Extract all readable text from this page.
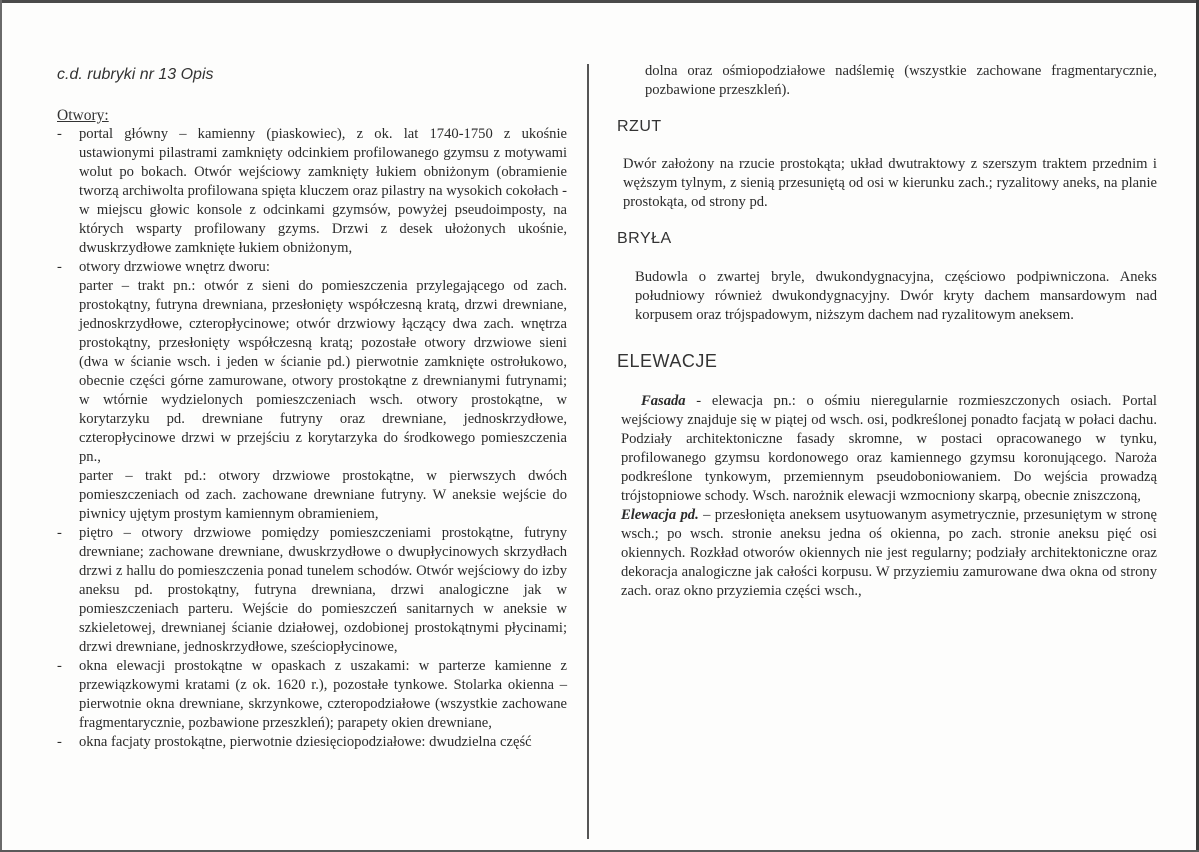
c.d. rubryki nr 13 Opis

Otwory:

- portal główny – kamienny (piaskowiec), z ok. lat 1740-1750 z ukośnie ustawionymi pilastrami zamknięty odcinkiem profilowanego gzymsu z motywami wolut po bokach. Otwór wejściowy zamknięty łukiem obniżonym (obramienie tworzą archiwolta profilowana spięta kluczem oraz pilastry na wysokich cokołach - w miejscu głowic konsole z odcinkami gzymsów, powyżej pseudoimposty, na których wsparty profilowany gzyms. Drzwi z desek ułożonych ukośnie, dwuskrzydłowe zamknięte łukiem obniżonym,
- otwory drzwiowe wnętrz dworu:
parter – trakt pn.: otwór z sieni do pomieszczenia przylegającego od zach. prostokątny, futryna drewniana, przesłonięty współczesną kratą, drzwi drewniane, jednoskrzydłowe, czteropłycinowe; otwór drzwiowy łączący dwa zach. wnętrza prostokątny, przesłonięty współczesną kratą; pozostałe otwory drzwiowe sieni (dwa w ścianie wsch. i jeden w ścianie pd.) pierwotnie zamknięte ostrołukowo, obecnie części górne zamurowane, otwory prostokątne z drewnianymi futrynami; w wtórnie wydzielonych pomieszczeniach wsch. otwory prostokątne, w korytarzyku pd. drewniane futryny oraz drewniane, jednoskrzydłowe, czteropłycinowe drzwi w przejściu z korytarzyka do środkowego pomieszczenia pn.,
parter – trakt pd.: otwory drzwiowe prostokątne, w pierwszych dwóch pomieszczeniach od zach. zachowane drewniane futryny. W aneksie wejście do piwnicy ujętym prostym kamiennym obramieniem,
- piętro – otwory drzwiowe pomiędzy pomieszczeniami prostokątne, futryny drewniane; zachowane drewniane, dwuskrzydłowe o dwupłycinowych skrzydłach drzwi z hallu do pomieszczenia ponad tunelem schodów. Otwór wejściowy do izby aneksu pd. prostokątny, futryna drewniana, drzwi analogiczne jak w pomieszczeniach parteru. Wejście do pomieszczeń sanitarnych w aneksie w szkieletowej, drewnianej ścianie działowej, ozdobionej prostokątnymi płycinami; drzwi drewniane, jednoskrzydłowe, sześciopłycinowe,
- okna elewacji prostokątne w opaskach z uszakami: w parterze kamienne z przewiązkowymi kratami (z ok. 1620 r.), pozostałe tynkowe. Stolarka okienna – pierwotnie okna drewniane, skrzynkowe, czteropodziałowe (wszystkie zachowane fragmentarycznie, pozbawione przeszkleń); parapety okien drewniane,
- okna facjaty prostokątne, pierwotnie dziesięciopodziałowe: dwudzielna część
dolna oraz ośmiopodziałowe nadślemię (wszystkie zachowane fragmentarycznie, pozbawione przeszkleń).

RZUT

Dwór założony na rzucie prostokąta; układ dwutraktowy z szerszym traktem przednim i węższym tylnym, z sienią przesuniętą od osi w kierunku zach.; ryzalitowy aneks, na planie prostokąta, od strony pd.

BRYŁA

Budowla o zwartej bryle, dwukondygnacyjna, częściowo podpiwniczona. Aneks południowy również dwukondygnacyjny. Dwór kryty dachem mansardowym nad korpusem oraz trójspadowym, niższym dachem nad ryzalitowym aneksem.

ELEWACJE

Fasada - elewacja pn.: o ośmiu nieregularnie rozmieszczonych osiach. Portal wejściowy znajduje się w piątej od wsch. osi, podkreślonej ponadto facjatą w połaci dachu. Podziały architektoniczne fasady skromne, w postaci opracowanego w tynku, profilowanego gzymsu kordonowego oraz kamiennego gzymsu koronującego. Naroża podkreślone tynkowym, przemiennym pseudoboniowaniem. Do wejścia prowadzą trójstopniowe schody. Wsch. narożnik elewacji wzmocniony skarpą, obecnie zniszczoną,
Elewacja pd. – przesłonięta aneksem usytuowanym asymetrycznie, przesuniętym w stronę wsch.; po wsch. stronie aneksu jedna oś okienna, po zach. stronie aneksu pięć osi okiennych. Rozkład otworów okiennych nie jest regularny; podziały architektoniczne oraz dekoracja analogiczne jak całości korpusu. W przyziemiu zamurowane dwa okna od strony zach. oraz okno przyziemia części wsch.,
